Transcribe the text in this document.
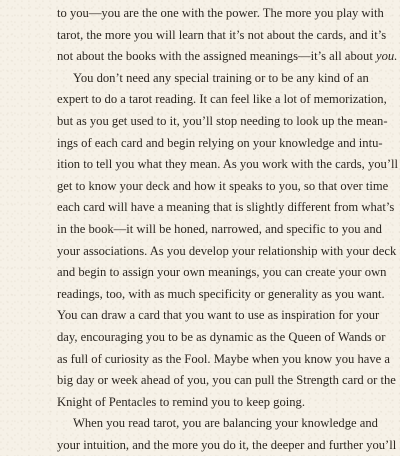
to you—you are the one with the power. The more you play with
tarot, the more you will learn that it’s not about the cards, and it’s
not about the books with the assigned meanings—it’s all about you.
You don’t need any special training or to be any kind of an
expert to do a tarot reading. It can feel like a lot of memorization,
but as you get used to it, you’ll stop needing to look up the mean-
ings of each card and begin relying on your knowledge and intu-
ition to tell you what they mean. As you work with the cards, you’ll
get to know your deck and how it speaks to you, so that over time
each card will have a meaning that is slightly different from what’s
in the book—it will be honed, narrowed, and specific to you and
your associations. As you develop your relationship with your deck
and begin to assign your own meanings, you can create your own
readings, too, with as much specificity or generality as you want.
You can draw a card that you want to use as inspiration for your
day, encouraging you to be as dynamic as the Queen of Wands or
as full of curiosity as the Fool. Maybe when you know you have a
big day or week ahead of you, you can pull the Strength card or the
Knight of Pentacles to remind you to keep going.
When you read tarot, you are balancing your knowledge and
your intuition, and the more you do it, the deeper and further you’ll
